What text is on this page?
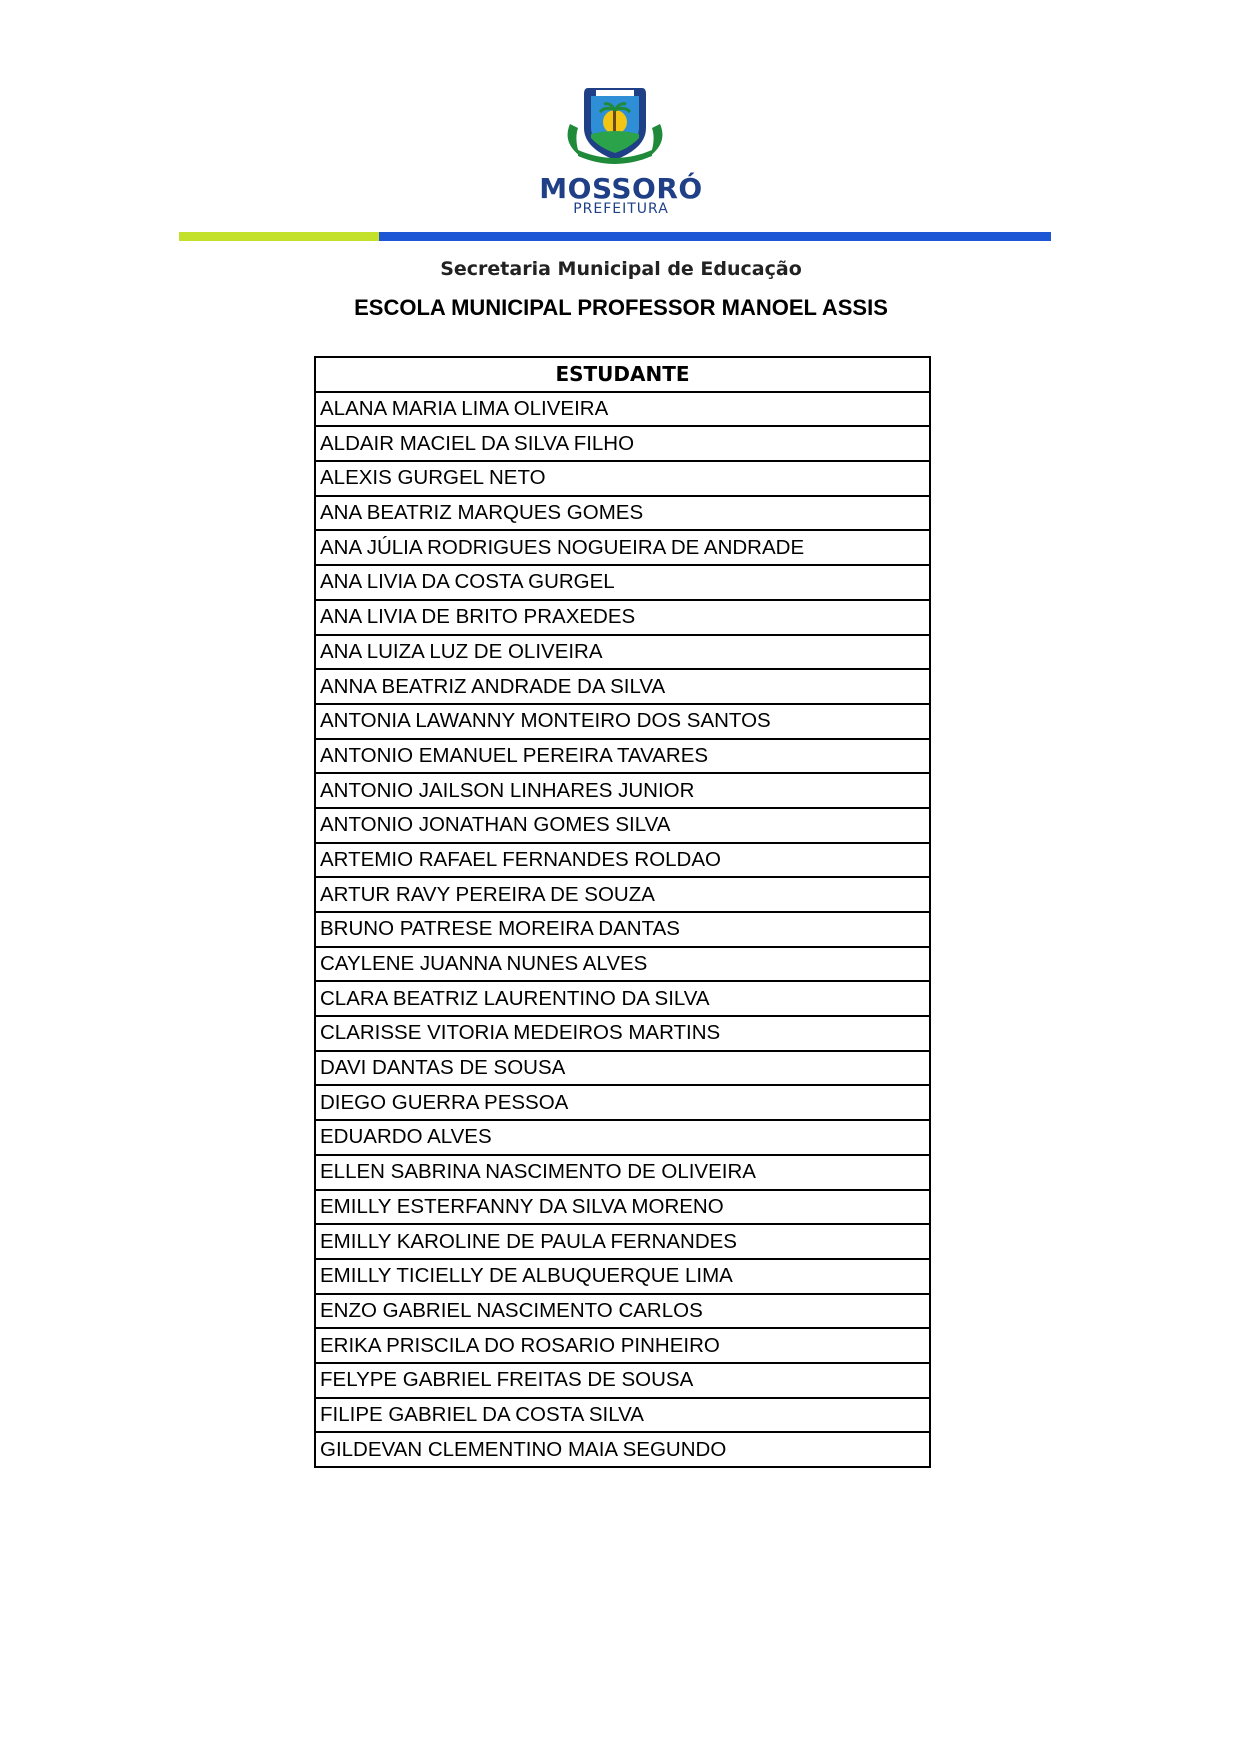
MOSSORÓ
PREFEITURA
Secretaria Municipal de Educação
ESCOLA MUNICIPAL PROFESSOR MANOEL ASSIS
ESTUDANTE
ALANA MARIA LIMA OLIVEIRA
ALDAIR MACIEL DA SILVA FILHO
ALEXIS GURGEL NETO
ANA BEATRIZ MARQUES GOMES
ANA JÚLIA RODRIGUES NOGUEIRA DE ANDRADE
ANA LIVIA DA COSTA GURGEL
ANA LIVIA DE BRITO PRAXEDES
ANA LUIZA LUZ DE OLIVEIRA
ANNA BEATRIZ ANDRADE DA SILVA
ANTONIA LAWANNY MONTEIRO DOS SANTOS
ANTONIO EMANUEL PEREIRA TAVARES
ANTONIO JAILSON LINHARES JUNIOR
ANTONIO JONATHAN GOMES SILVA
ARTEMIO RAFAEL FERNANDES ROLDAO
ARTUR RAVY PEREIRA DE SOUZA
BRUNO PATRESE MOREIRA DANTAS
CAYLENE JUANNA NUNES ALVES
CLARA BEATRIZ LAURENTINO DA SILVA
CLARISSE VITORIA MEDEIROS MARTINS
DAVI DANTAS DE SOUSA
DIEGO GUERRA PESSOA
EDUARDO ALVES
ELLEN SABRINA NASCIMENTO DE OLIVEIRA
EMILLY ESTERFANNY DA SILVA MORENO
EMILLY KAROLINE DE PAULA FERNANDES
EMILLY TICIELLY DE ALBUQUERQUE LIMA
ENZO GABRIEL NASCIMENTO CARLOS
ERIKA PRISCILA DO ROSARIO PINHEIRO
FELYPE GABRIEL FREITAS DE SOUSA
FILIPE GABRIEL DA COSTA SILVA
GILDEVAN CLEMENTINO MAIA SEGUNDO
